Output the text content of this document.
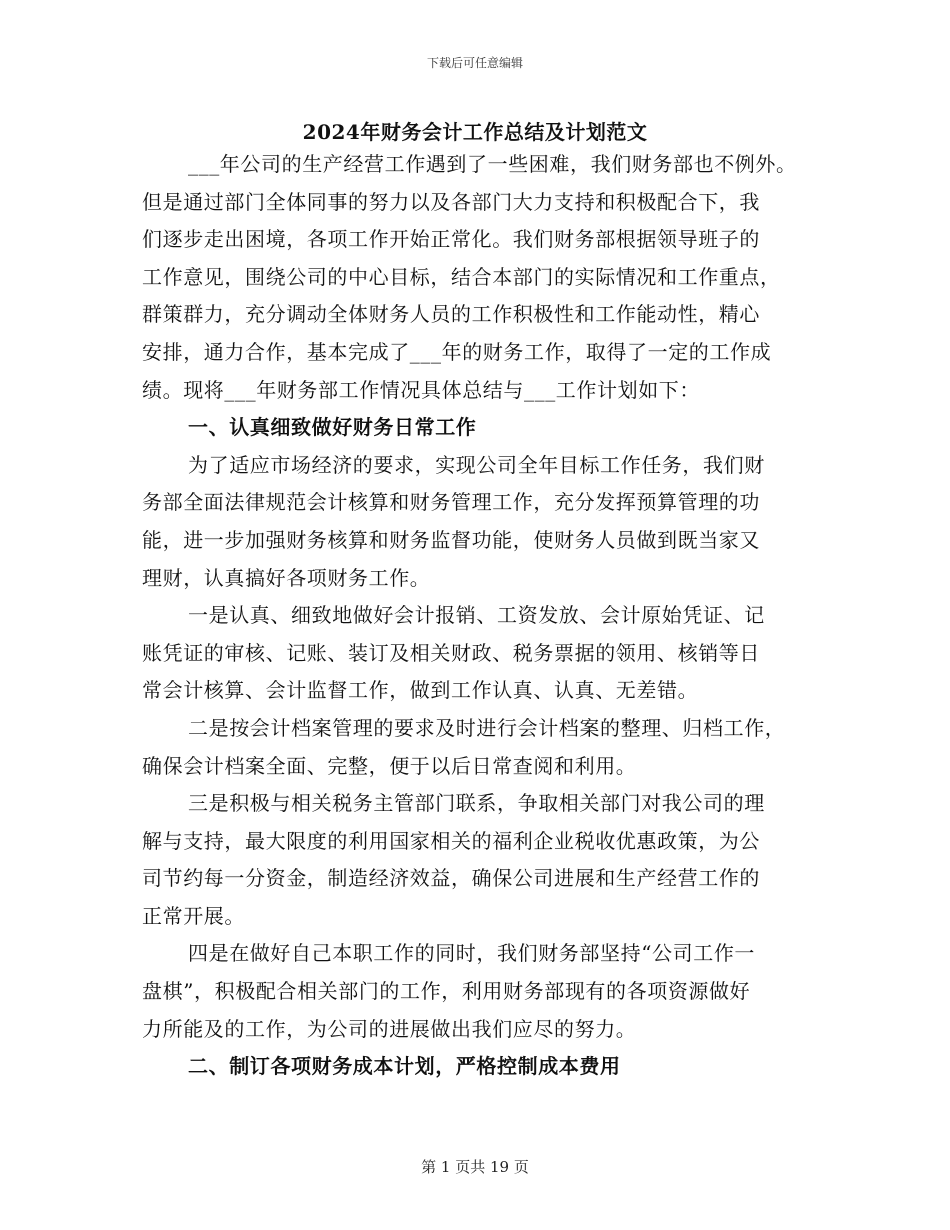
下载后可任意编辑
2024年财务会计工作总结及计划范文
___年公司的生产经营工作遇到了一些困难，我们财务部也不例外。
但是通过部门全体同事的努力以及各部门大力支持和积极配合下，我
们逐步走出困境，各项工作开始正常化。我们财务部根据领导班子的
工作意见，围绕公司的中心目标，结合本部门的实际情况和工作重点，
群策群力，充分调动全体财务人员的工作积极性和工作能动性，精心
安排，通力合作，基本完成了___年的财务工作，取得了一定的工作成
绩。现将___年财务部工作情况具体总结与___工作计划如下：
一、认真细致做好财务日常工作
为了适应市场经济的要求，实现公司全年目标工作任务，我们财
务部全面法律规范会计核算和财务管理工作，充分发挥预算管理的功
能，进一步加强财务核算和财务监督功能，使财务人员做到既当家又
理财，认真搞好各项财务工作。
一是认真、细致地做好会计报销、工资发放、会计原始凭证、记
账凭证的审核、记账、装订及相关财政、税务票据的领用、核销等日
常会计核算、会计监督工作，做到工作认真、认真、无差错。
二是按会计档案管理的要求及时进行会计档案的整理、归档工作，
确保会计档案全面、完整，便于以后日常查阅和利用。
三是积极与相关税务主管部门联系，争取相关部门对我公司的理
解与支持，最大限度的利用国家相关的福利企业税收优惠政策，为公
司节约每一分资金，制造经济效益，确保公司进展和生产经营工作的
正常开展。
四是在做好自己本职工作的同时，我们财务部坚持“公司工作一
盘棋”，积极配合相关部门的工作，利用财务部现有的各项资源做好
力所能及的工作，为公司的进展做出我们应尽的努力。
二、制订各项财务成本计划，严格控制成本费用
第 1 页共 19 页
